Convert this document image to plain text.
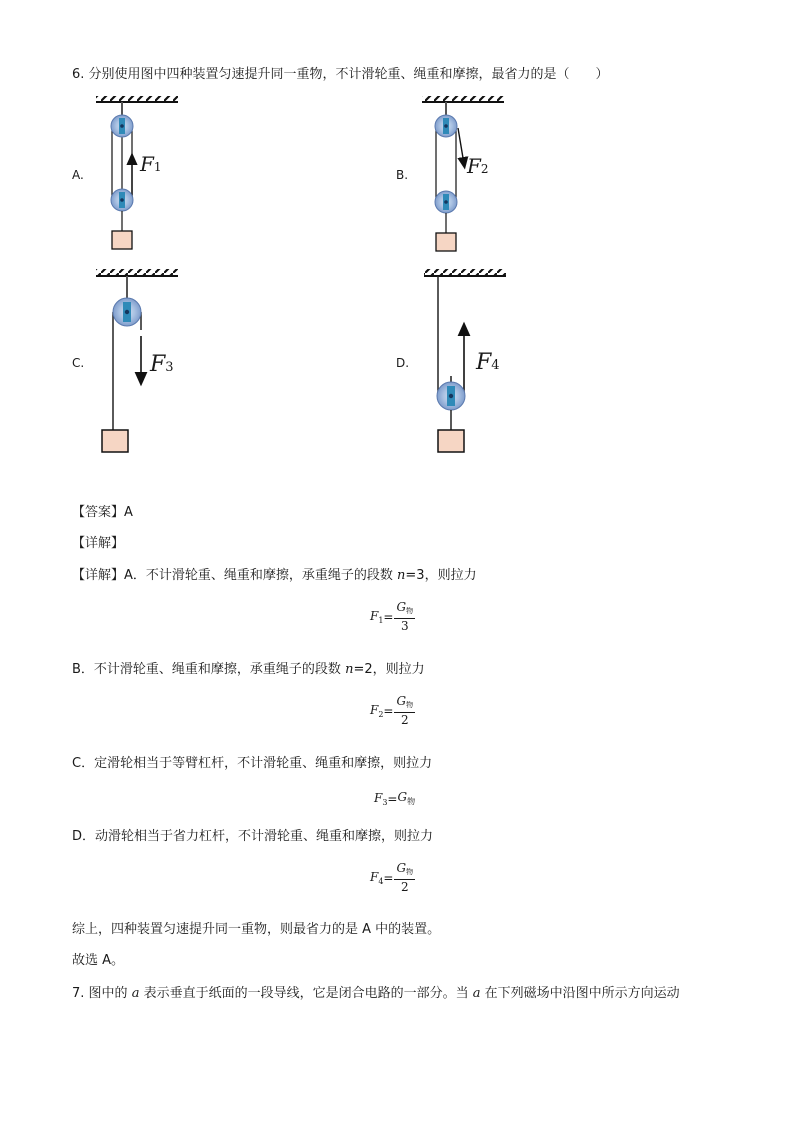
6. 分别使用图中四种装置匀速提升同一重物，不计滑轮重、绳重和摩擦，最省力的是（　　）
A.	F1
B.	F2
C.	F3	D.	F4
【答案】A
【详解】
【详解】A．不计滑轮重、绳重和摩擦，承重绳子的段数 n=3，则拉力
$F_1 = \frac{G_物}{3}$
B．不计滑轮重、绳重和摩擦，承重绳子的段数 n=2，则拉力
$F_2 = \frac{G_物}{2}$
C．定滑轮相当于等臂杠杆，不计滑轮重、绳重和摩擦，则拉力
$F_3 = G_物$
D．动滑轮相当于省力杠杆，不计滑轮重、绳重和摩擦，则拉力
$F_4 = \frac{G_物}{2}$
综上，四种装置匀速提升同一重物，则最省力的是 A 中的装置。
故选 A。
7. 图中的 a 表示垂直于纸面的一段导线，它是闭合电路的一部分。当 a 在下列磁场中沿图中所示方向运动
